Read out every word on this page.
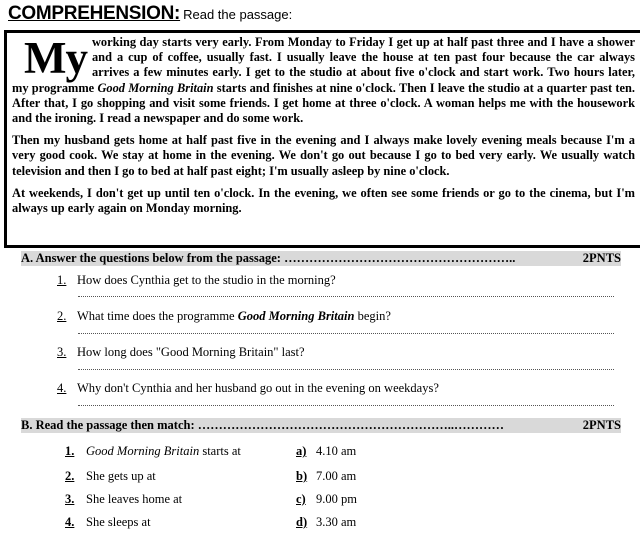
COMPREHENSION: Read the passage:

My working day starts very early. From Monday to Friday I get up at half past three and I have a shower and a cup of coffee, usually fast. I usually leave the house at ten past four because the car always arrives a few minutes early. I get to the studio at about five o'clock and start work. Two hours later, my programme Good Morning Britain starts and finishes at nine o'clock. Then I leave the studio at a quarter past ten. After that, I go shopping and visit some friends. I get home at three o'clock. A woman helps me with the housework and the ironing. I read a newspaper and do some work.

Then my husband gets home at half past five in the evening and I always make lovely evening meals because I'm a very good cook. We stay at home in the evening. We don't go out because I go to bed very early. We usually watch television and then I go to bed at half past eight; I'm usually asleep by nine o'clock.

At weekends, I don't get up until ten o'clock. In the evening, we often see some friends or go to the cinema, but I'm always up early again on Monday morning.

A. Answer the questions below from the passage: ………………………………………………..	2PNTS
1. How does Cynthia get to the studio in the morning?
2. What time does the programme Good Morning Britain begin?
3. How long does "Good Morning Britain" last?
4. Why don't Cynthia and her husband go out in the evening on weekdays?
B. Read the passage then match: ……………………………………………………..…………	2PNTS
1. Good Morning Britain starts at
2. She gets up at
3. She leaves home at
4. She sleeps at
a) 4.10 am
b) 7.00 am
c) 9.00 pm
d) 3.30 am
